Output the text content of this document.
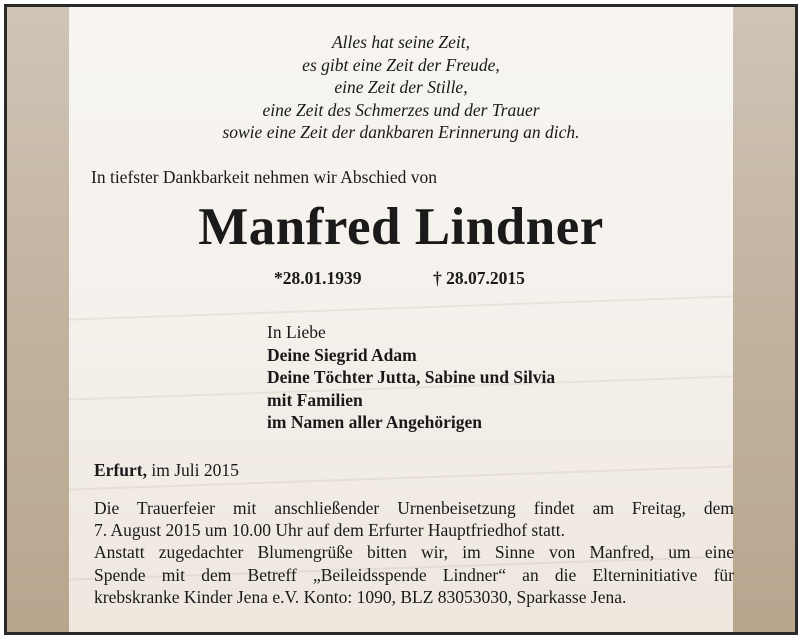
Alles hat seine Zeit,
es gibt eine Zeit der Freude,
eine Zeit der Stille,
eine Zeit des Schmerzes und der Trauer
sowie eine Zeit der dankbaren Erinnerung an dich.
In tiefster Dankbarkeit nehmen wir Abschied von
Manfred Lindner
*28.01.1939	† 28.07.2015
In Liebe
Deine Siegrid Adam
Deine Töchter Jutta, Sabine und Silvia
mit Familien
im Namen aller Angehörigen
Erfurt, im Juli 2015
Die Trauerfeier mit anschließender Urnenbeisetzung findet am Freitag, dem
7. August 2015 um 10.00 Uhr auf dem Erfurter Hauptfriedhof statt.
Anstatt zugedachter Blumengrüße bitten wir, im Sinne von Manfred, um eine
Spende mit dem Betreff „Beileidsspende Lindner“ an die Elterninitiative für
krebskranke Kinder Jena e.V. Konto: 1090, BLZ 83053030, Sparkasse Jena.
